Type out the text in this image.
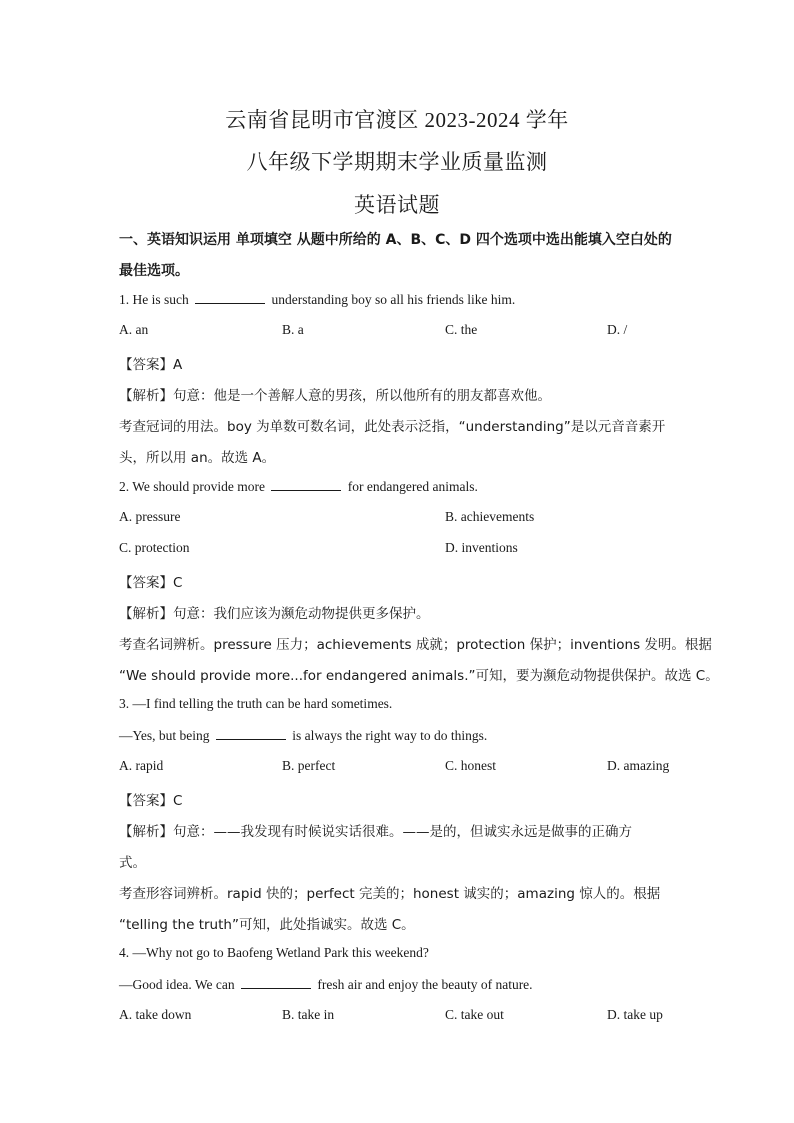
云南省昆明市官渡区 2023-2024 学年
八年级下学期期末学业质量监测
英语试题
一、英语知识运用 单项填空 从题中所给的 A、B、C、D 四个选项中选出能填入空白处的
最佳选项。
1. He is such	understanding boy so all his friends like him.
A. an	B. a	C. the	D. /
【答案】A
【解析】句意：他是一个善解人意的男孩，所以他所有的朋友都喜欢他。
考查冠词的用法。boy 为单数可数名词，此处表示泛指，“understanding”是以元音音素开
头，所以用 an。故选 A。
2. We should provide more	for endangered animals.
A. pressure	B. achievements
C. protection	D. inventions
【答案】C
【解析】句意：我们应该为濒危动物提供更多保护。
考查名词辨析。pressure 压力；achievements 成就；protection 保护；inventions 发明。根据
“We should provide more...for endangered animals.”可知，要为濒危动物提供保护。故选 C。
3. —I find telling the truth can be hard sometimes.
—Yes, but being	is always the right way to do things.
A. rapid	B. perfect	C. honest	D. amazing
【答案】C
【解析】句意：——我发现有时候说实话很难。——是的，但诚实永远是做事的正确方
式。
考查形容词辨析。rapid 快的；perfect 完美的；honest 诚实的；amazing 惊人的。根据
“telling the truth”可知，此处指诚实。故选 C。
4. —Why not go to Baofeng Wetland Park this weekend?
—Good idea. We can	fresh air and enjoy the beauty of nature.
A. take down	B. take in	C. take out	D. take up
